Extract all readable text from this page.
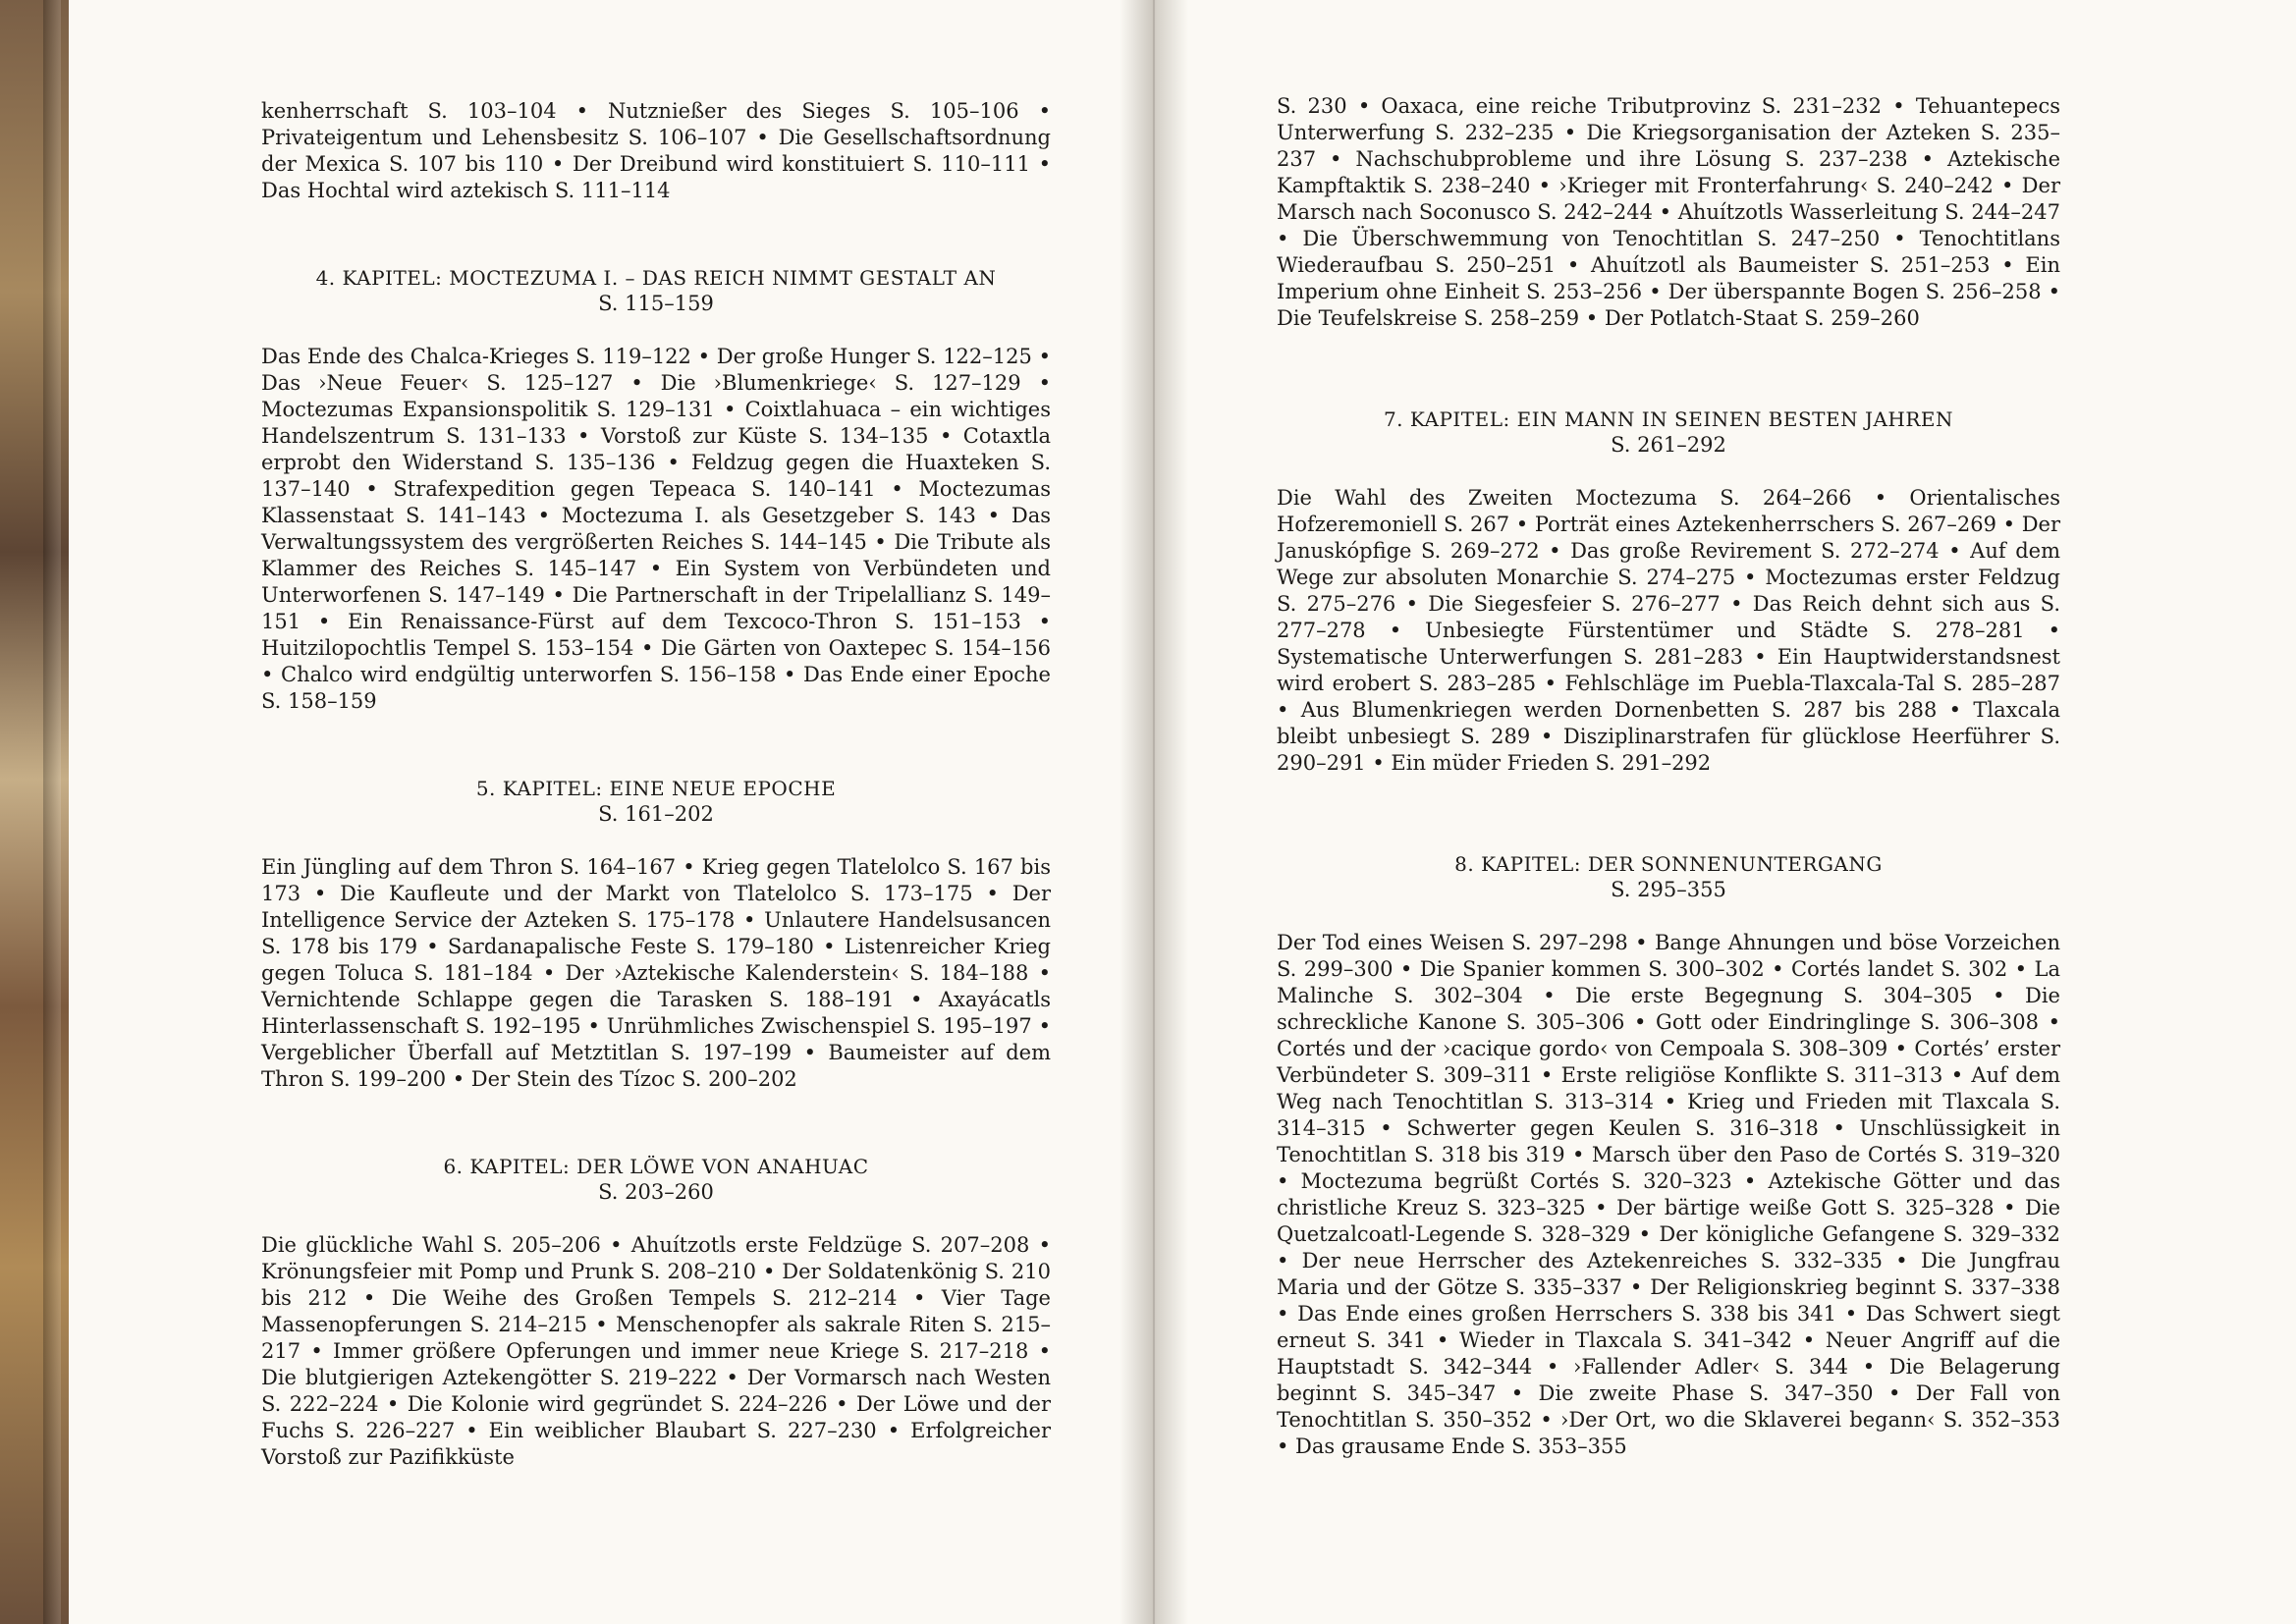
kenherrschaft S. 103–104 • Nutznießer des Sieges S. 105–106 • Privateigentum und Lehensbesitz S. 106–107 • Die Gesellschaftsordnung der Mexica S. 107 bis 110 • Der Dreibund wird konstituiert S. 110–111 • Das Hochtal wird aztekisch S. 111–114

4. KAPITEL: MOCTEZUMA I. – DAS REICH NIMMT GESTALT AN
S. 115–159

Das Ende des Chalca-Krieges S. 119–122 • Der große Hunger S. 122–125 • Das ›Neue Feuer‹ S. 125–127 • Die ›Blumenkriege‹ S. 127–129 • Moctezumas Expansionspolitik S. 129–131 • Coixtlahuaca – ein wichtiges Handelszentrum S. 131–133 • Vorstoß zur Küste S. 134–135 • Cotaxtla erprobt den Widerstand S. 135–136 • Feldzug gegen die Huaxteken S. 137–140 • Strafexpedition gegen Tepeaca S. 140–141 • Moctezumas Klassenstaat S. 141–143 • Moctezuma I. als Gesetzgeber S. 143 • Das Verwaltungssystem des vergrößerten Reiches S. 144–145 • Die Tribute als Klammer des Reiches S. 145–147 • Ein System von Verbündeten und Unterworfenen S. 147–149 • Die Partnerschaft in der Tripelallianz S. 149–151 • Ein Renaissance-Fürst auf dem Texcoco-Thron S. 151–153 • Huitzilopochtlis Tempel S. 153–154 • Die Gärten von Oaxtepec S. 154–156 • Chalco wird endgültig unterworfen S. 156–158 • Das Ende einer Epoche S. 158–159

5. KAPITEL: EINE NEUE EPOCHE
S. 161–202

Ein Jüngling auf dem Thron S. 164–167 • Krieg gegen Tlatelolco S. 167 bis 173 • Die Kaufleute und der Markt von Tlatelolco S. 173–175 • Der Intelligence Service der Azteken S. 175–178 • Unlautere Handelsusancen S. 178 bis 179 • Sardanapalische Feste S. 179–180 • Listenreicher Krieg gegen Toluca S. 181–184 • Der ›Aztekische Kalenderstein‹ S. 184–188 • Vernichtende Schlappe gegen die Tarasken S. 188–191 • Axayácatls Hinterlassenschaft S. 192–195 • Unrühmliches Zwischenspiel S. 195–197 • Vergeblicher Überfall auf Metztitlan S. 197–199 • Baumeister auf dem Thron S. 199–200 • Der Stein des Tízoc S. 200–202

6. KAPITEL: DER LÖWE VON ANAHUAC
S. 203–260

Die glückliche Wahl S. 205–206 • Ahuítzotls erste Feldzüge S. 207–208 • Krönungsfeier mit Pomp und Prunk S. 208–210 • Der Soldatenkönig S. 210 bis 212 • Die Weihe des Großen Tempels S. 212–214 • Vier Tage Massenopferungen S. 214–215 • Menschenopfer als sakrale Riten S. 215–217 • Immer größere Opferungen und immer neue Kriege S. 217–218 • Die blutgierigen Aztekengötter S. 219–222 • Der Vormarsch nach Westen S. 222–224 • Die Kolonie wird gegründet S. 224–226 • Der Löwe und der Fuchs S. 226–227 • Ein weiblicher Blaubart S. 227–230 • Erfolgreicher Vorstoß zur Pazifikküste

S. 230 • Oaxaca, eine reiche Tributprovinz S. 231–232 • Tehuantepecs Unterwerfung S. 232–235 • Die Kriegsorganisation der Azteken S. 235–237 • Nachschubprobleme und ihre Lösung S. 237–238 • Aztekische Kampftaktik S. 238–240 • ›Krieger mit Fronterfahrung‹ S. 240–242 • Der Marsch nach Soconusco S. 242–244 • Ahuítzotls Wasserleitung S. 244–247 • Die Überschwemmung von Tenochtitlan S. 247–250 • Tenochtitlans Wiederaufbau S. 250–251 • Ahuítzotl als Baumeister S. 251–253 • Ein Imperium ohne Einheit S. 253–256 • Der überspannte Bogen S. 256–258 • Die Teufelskreise S. 258–259 • Der Potlatch-Staat S. 259–260

7. KAPITEL: EIN MANN IN SEINEN BESTEN JAHREN
S. 261–292

Die Wahl des Zweiten Moctezuma S. 264–266 • Orientalisches Hofzeremoniell S. 267 • Porträt eines Aztekenherrschers S. 267–269 • Der Januskópfige S. 269–272 • Das große Revirement S. 272–274 • Auf dem Wege zur absoluten Monarchie S. 274–275 • Moctezumas erster Feldzug S. 275–276 • Die Siegesfeier S. 276–277 • Das Reich dehnt sich aus S. 277–278 • Unbesiegte Fürstentümer und Städte S. 278–281 • Systematische Unterwerfungen S. 281–283 • Ein Hauptwiderstandsnest wird erobert S. 283–285 • Fehlschläge im Puebla-Tlaxcala-Tal S. 285–287 • Aus Blumenkriegen werden Dornenbetten S. 287 bis 288 • Tlaxcala bleibt unbesiegt S. 289 • Disziplinarstrafen für glücklose Heerführer S. 290–291 • Ein müder Frieden S. 291–292

8. KAPITEL: DER SONNENUNTERGANG
S. 295–355

Der Tod eines Weisen S. 297–298 • Bange Ahnungen und böse Vorzeichen S. 299–300 • Die Spanier kommen S. 300–302 • Cortés landet S. 302 • La Malinche S. 302–304 • Die erste Begegnung S. 304–305 • Die schreckliche Kanone S. 305–306 • Gott oder Eindringlinge S. 306–308 • Cortés und der ›cacique gordo‹ von Cempoala S. 308–309 • Cortés’ erster Verbündeter S. 309–311 • Erste religiöse Konflikte S. 311–313 • Auf dem Weg nach Tenochtitlan S. 313–314 • Krieg und Frieden mit Tlaxcala S. 314–315 • Schwerter gegen Keulen S. 316–318 • Unschlüssigkeit in Tenochtitlan S. 318 bis 319 • Marsch über den Paso de Cortés S. 319–320 • Moctezuma begrüßt Cortés S. 320–323 • Aztekische Götter und das christliche Kreuz S. 323–325 • Der bärtige weiße Gott S. 325–328 • Die Quetzalcoatl-Legende S. 328–329 • Der königliche Gefangene S. 329–332 • Der neue Herrscher des Aztekenreiches S. 332–335 • Die Jungfrau Maria und der Götze S. 335–337 • Der Religionskrieg beginnt S. 337–338 • Das Ende eines großen Herrschers S. 338 bis 341 • Das Schwert siegt erneut S. 341 • Wieder in Tlaxcala S. 341–342 • Neuer Angriff auf die Hauptstadt S. 342–344 • ›Fallender Adler‹ S. 344 • Die Belagerung beginnt S. 345–347 • Die zweite Phase S. 347–350 • Der Fall von Tenochtitlan S. 350–352 • ›Der Ort, wo die Sklaverei begann‹ S. 352–353 • Das grausame Ende S. 353–355
